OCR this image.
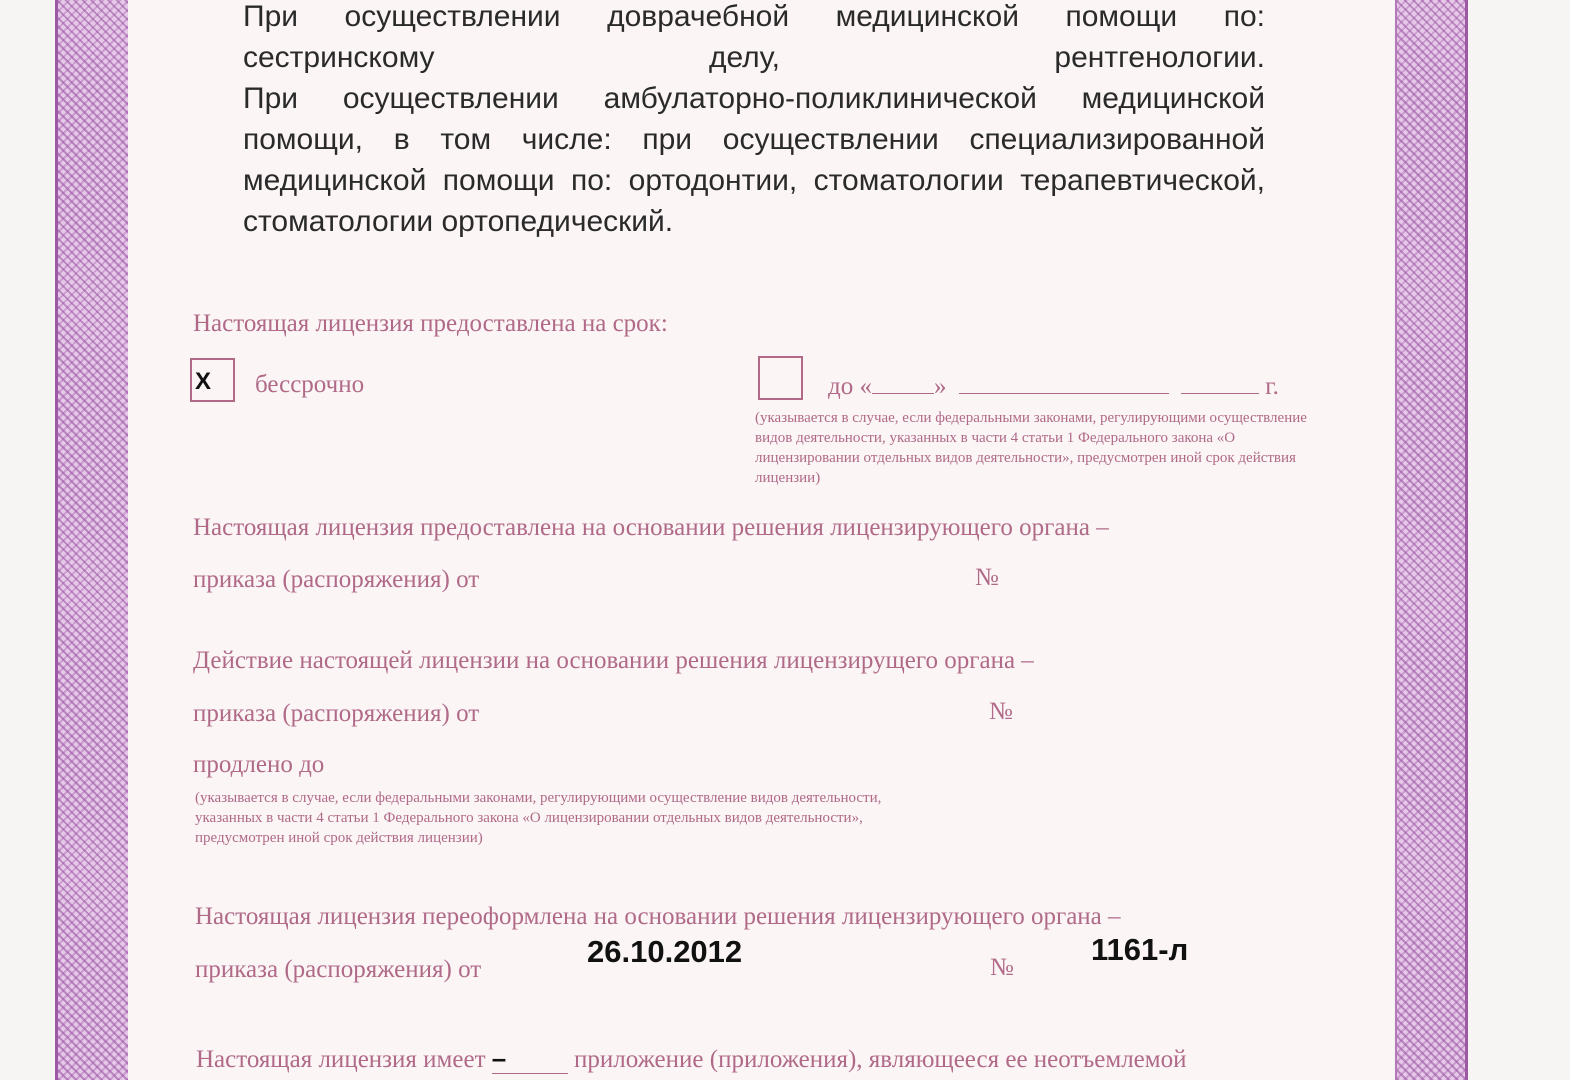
При осуществлении доврачебной медицинской помощи по: сестринскому делу, рентгенологии.

При осуществлении амбулаторно-поликлинической медицинской помощи, в том числе: при осуществлении специализированной медицинской помощи по: ортодонтии, стоматологии терапевтической, стоматологии ортопедический.

Настоящая лицензия предоставлена на срок:
X бессрочно	до « »	г.
(указывается в случае, если федеральными законами, регулирующими осуществление видов деятельности, указанных в части 4 статьи 1 Федерального закона «О лицензировании отдельных видов деятельности», предусмотрен иной срок действия лицензии)
Настоящая лицензия предоставлена на основании решения лицензирующего органа –
приказа (распоряжения) от	№
Действие настоящей лицензии на основании решения лицензирущего органа –
приказа (распоряжения) от	№
продлено до
(указывается в случае, если федеральными законами, регулирующими осуществление видов деятельности, указанных в части 4 статьи 1 Федерального закона «О лицензировании отдельных видов деятельности», предусмотрен иной срок действия лицензии)
Настоящая лицензия переоформлена на основании решения лицензирующего органа –
приказа (распоряжения) от
26.10.2012	№
1161-л
Настоящая лицензия имеет –	приложение (приложения), являющееся ее неотъемлемой
